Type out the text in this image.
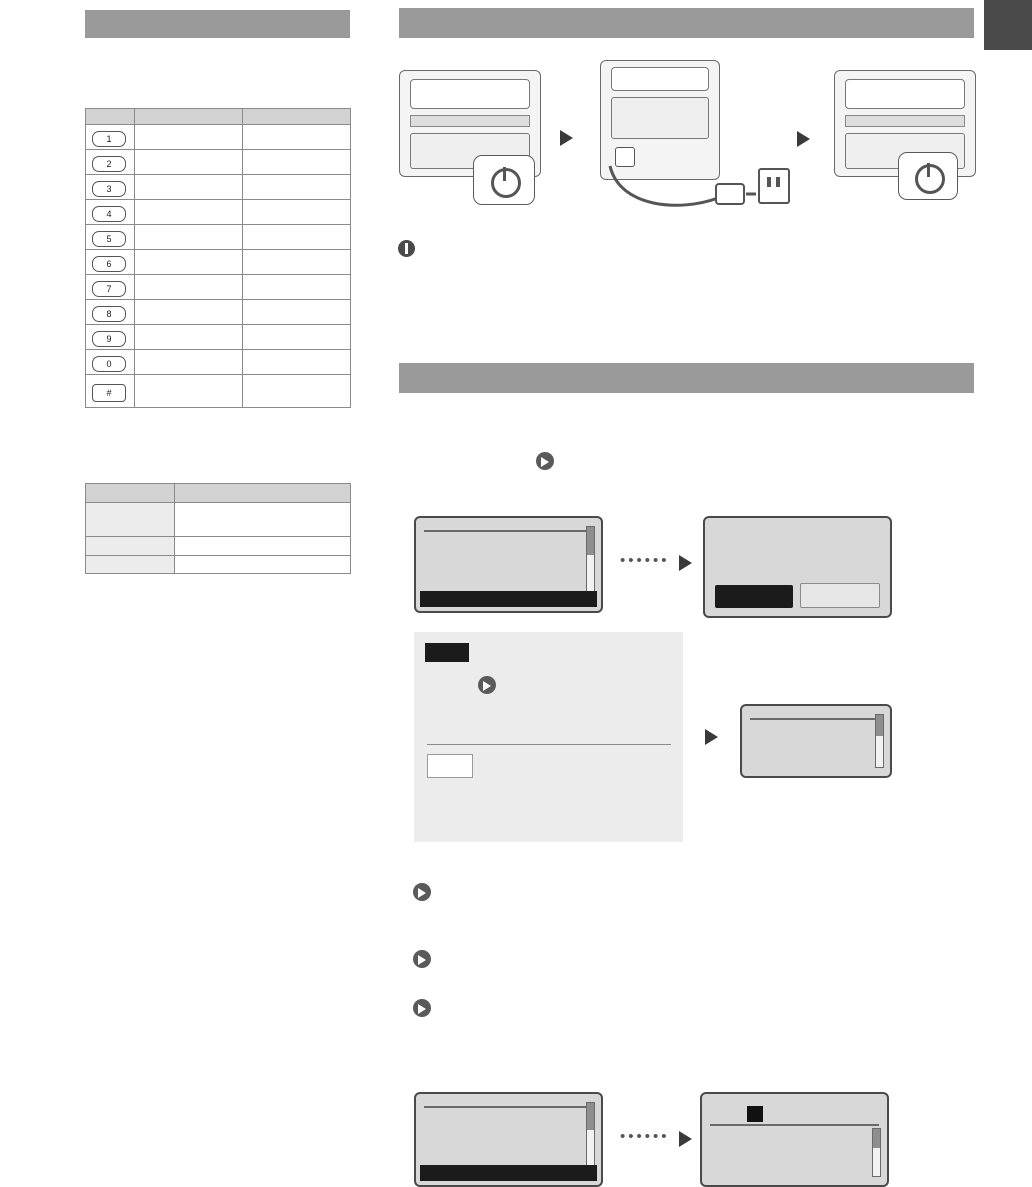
1		
2		
3		
4		
5		
6		
7		
8		
9		
0		
#		

••••••
••••••
